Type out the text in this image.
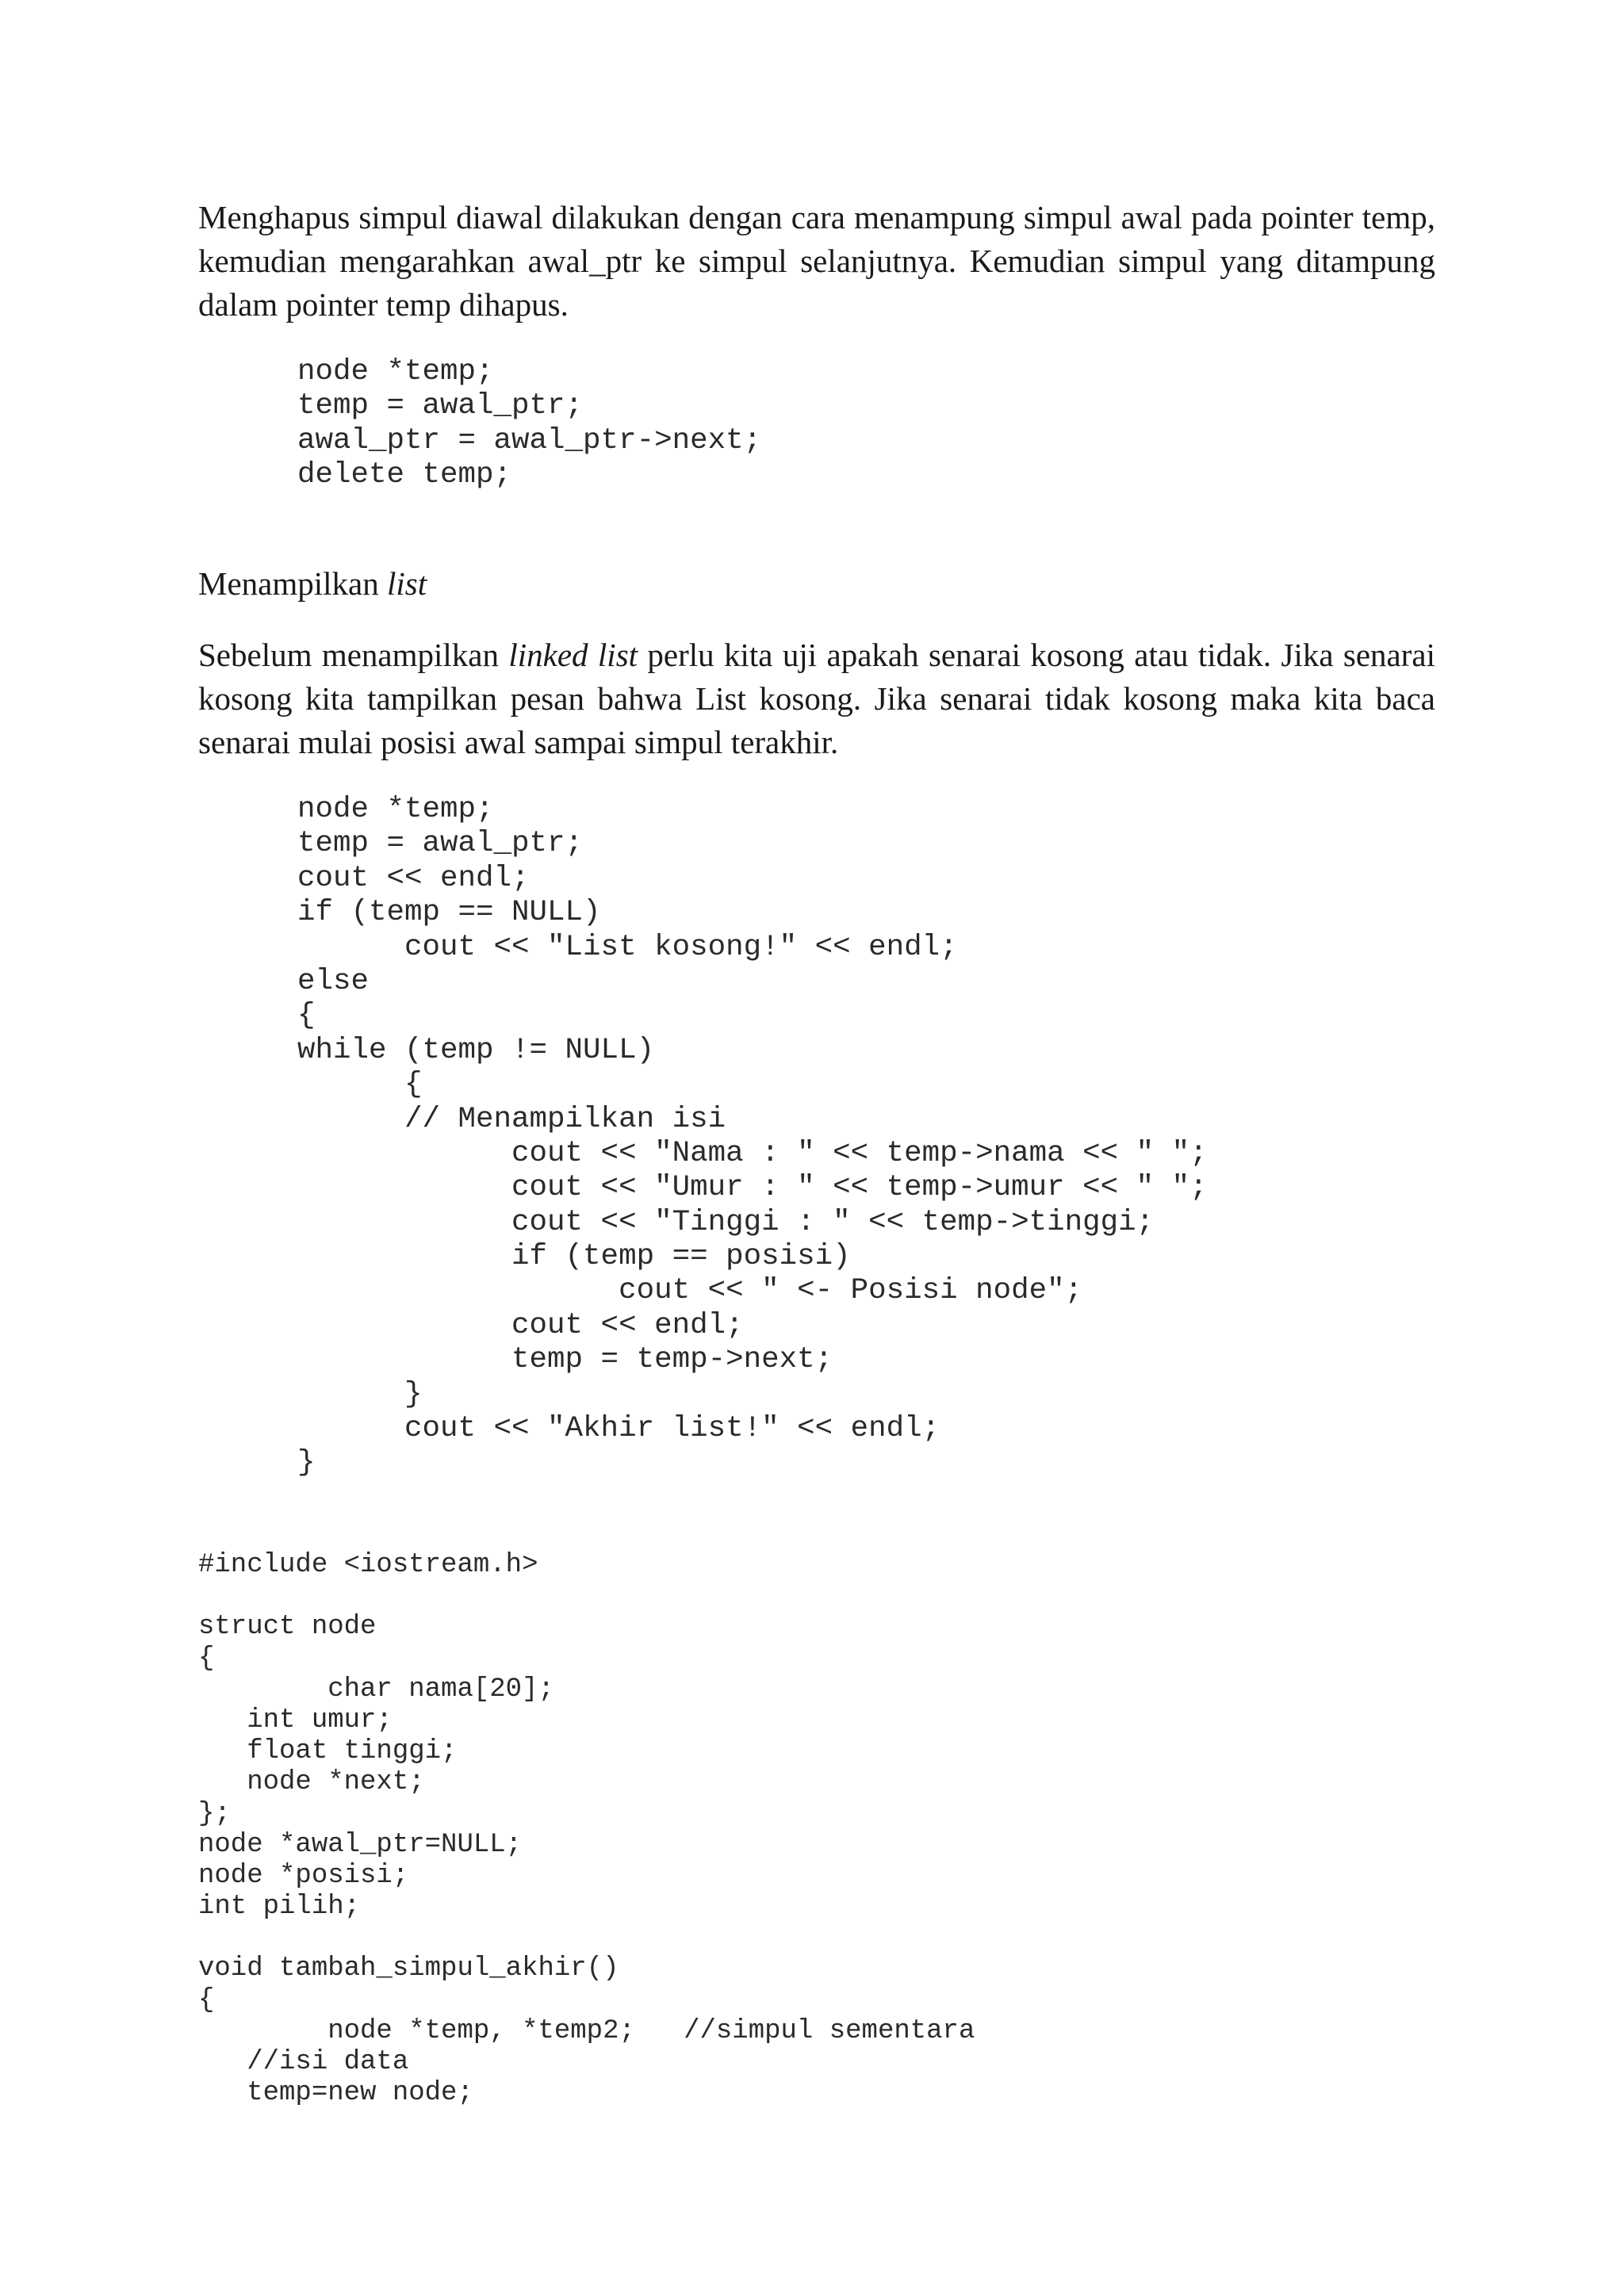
Menghapus simpul diawal dilakukan dengan cara menampung simpul awal pada pointer temp, kemudian mengarahkan awal_ptr ke simpul selanjutnya. Kemudian simpul yang ditampung dalam pointer temp dihapus.

node *temp;
temp = awal_ptr;
awal_ptr = awal_ptr->next;
delete temp;

Menampilkan list

Sebelum menampilkan linked list perlu kita uji apakah senarai kosong atau tidak. Jika senarai kosong kita tampilkan pesan bahwa List kosong. Jika senarai tidak kosong maka kita baca senarai mulai posisi awal sampai simpul terakhir.

node *temp;
temp = awal_ptr;
cout << endl;
if (temp == NULL)
cout << "List kosong!" << endl;
else
{
while (temp != NULL)
{
// Menampilkan isi
cout << "Nama : " << temp->nama << " ";
cout << "Umur : " << temp->umur << " ";
cout << "Tinggi : " << temp->tinggi;
if (temp == posisi)
cout << " <- Posisi node";
cout << endl;
temp = temp->next;
}
cout << "Akhir list!" << endl;
}
#include <iostream.h>
struct node
{
char nama[20];
int umur;
float tinggi;
node *next;
};
node *awal_ptr=NULL;
node *posisi;
int pilih;
void tambah_simpul_akhir()
{
node *temp, *temp2;   //simpul sementara
//isi data
temp=new node;
